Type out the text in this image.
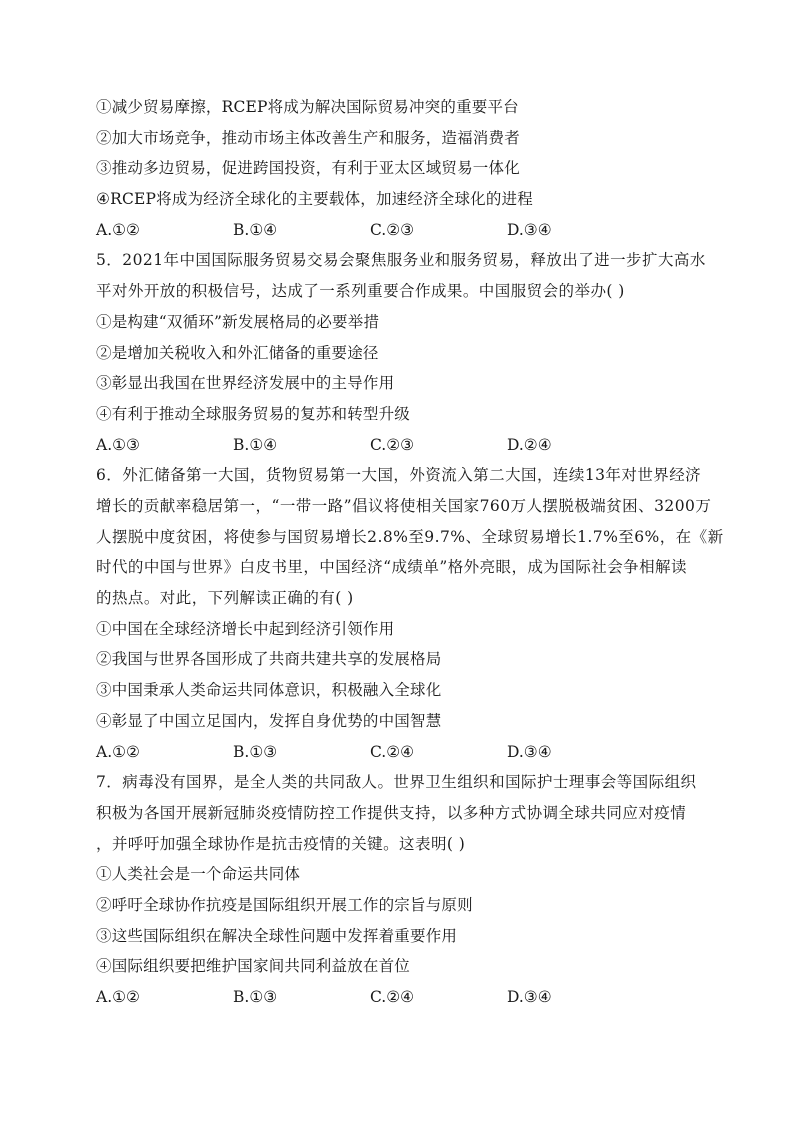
①减少贸易摩擦，RCEP将成为解决国际贸易冲突的重要平台
②加大市场竞争，推动市场主体改善生产和服务，造福消费者
③推动多边贸易，促进跨国投资，有利于亚太区域贸易一体化
④RCEP将成为经济全球化的主要载体，加速经济全球化的进程
A.①②	B.①④	C.②③	D.③④
5．2021年中国国际服务贸易交易会聚焦服务业和服务贸易，释放出了进一步扩大高水
平对外开放的积极信号，达成了一系列重要合作成果。中国服贸会的举办( )
①是构建“双循环”新发展格局的必要举措
②是增加关税收入和外汇储备的重要途径
③彰显出我国在世界经济发展中的主导作用
④有利于推动全球服务贸易的复苏和转型升级
A.①③	B.①④	C.②③	D.②④
6．外汇储备第一大国，货物贸易第一大国，外资流入第二大国，连续13年对世界经济
增长的贡献率稳居第一，“一带一路”倡议将使相关国家760万人摆脱极端贫困、3200万
人摆脱中度贫困，将使参与国贸易增长2.8%至9.7%、全球贸易增长1.7%至6%，在《新
时代的中国与世界》白皮书里，中国经济“成绩单”格外亮眼，成为国际社会争相解读
的热点。对此，下列解读正确的有( )
①中国在全球经济增长中起到经济引领作用
②我国与世界各国形成了共商共建共享的发展格局
③中国秉承人类命运共同体意识，积极融入全球化
④彰显了中国立足国内，发挥自身优势的中国智慧
A.①②	B.①③	C.②④	D.③④
7．病毒没有国界，是全人类的共同敌人。世界卫生组织和国际护士理事会等国际组织
积极为各国开展新冠肺炎疫情防控工作提供支持，以多种方式协调全球共同应对疫情
，并呼吁加强全球协作是抗击疫情的关键。这表明( )
①人类社会是一个命运共同体
②呼吁全球协作抗疫是国际组织开展工作的宗旨与原则
③这些国际组织在解决全球性问题中发挥着重要作用
④国际组织要把维护国家间共同利益放在首位
A.①②	B.①③	C.②④	D.③④
